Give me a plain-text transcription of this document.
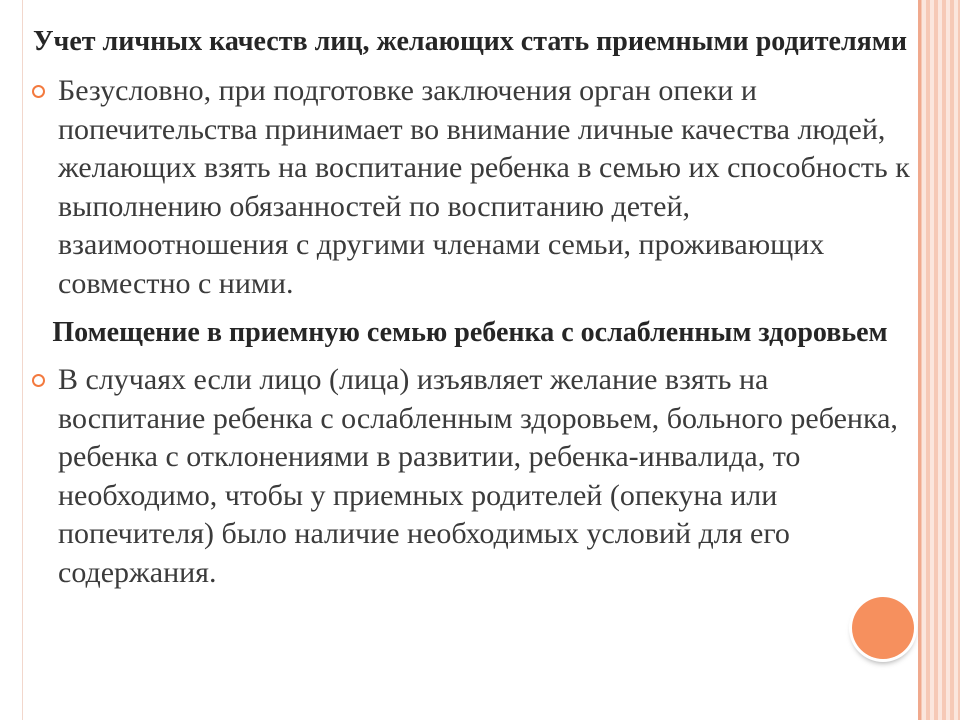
Учет личных качеств лиц, желающих стать приемными родителями

Безусловно, при подготовке заключения орган опеки и попечительства принимает во внимание личные качества людей, желающих взять на воспитание ребенка в семью их способность к выполнению обязанностей по воспитанию детей, взаимоотношения с другими членами семьи, проживающих совместно с ними.

Помещение в приемную семью ребенка с ослабленным здоровьем

В случаях если лицо (лица) изъявляет желание взять на воспитание ребенка с ослабленным здоровьем, больного ребенка, ребенка с отклонениями в развитии, ребенка-инвалида, то необходимо, чтобы у приемных родителей (опекуна или попечителя) было наличие необходимых условий для его содержания.
